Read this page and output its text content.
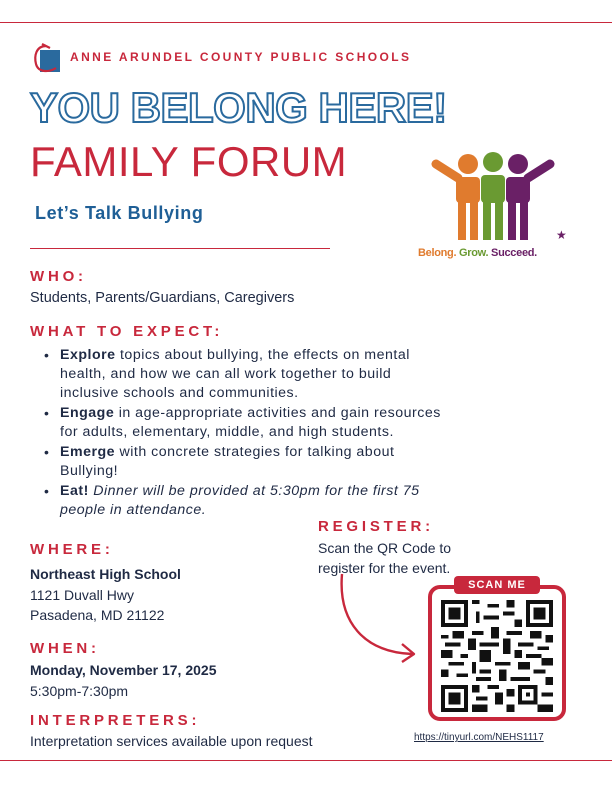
ANNE ARUNDEL COUNTY PUBLIC SCHOOLS
YOU BELONG HERE!
FAMILY FORUM
Let’s Talk Bullying
Belong. Grow. Succeed.
★
WHO:
Students, Parents/Guardians, Caregivers
WHAT TO EXPECT:
• Explore topics about bullying, the effects on mental
health, and how we can all work together to build
inclusive schools and communities.
• Engage in age-appropriate activities and gain resources
for adults, elementary, middle, and high students.
• Emerge with concrete strategies for talking about
Bullying!
• Eat! Dinner will be provided at 5:30pm for the first 75
people in attendance.
WHERE:
Northeast High School
1121 Duvall Hwy
Pasadena, MD 21122
WHEN:
Monday, November 17, 2025
5:30pm-7:30pm
INTERPRETERS:
Interpretation services available upon request
REGISTER:
Scan the QR Code to
register for the event.
SCAN ME
https://tinyurl.com/NEHS1117
